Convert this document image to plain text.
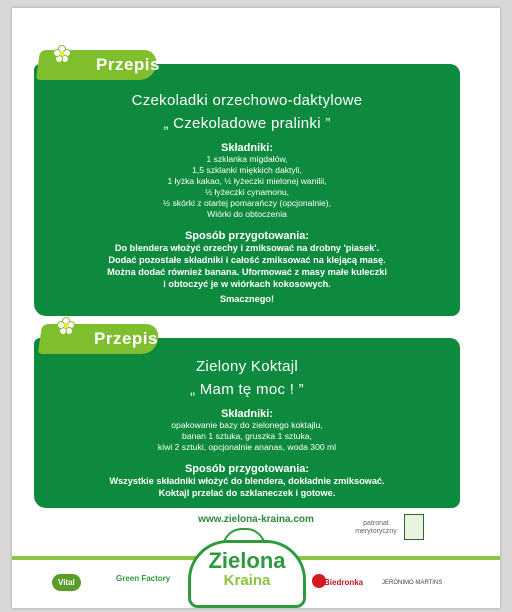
Czekoladki orzechowo-daktylowe
„ Czekoladowe pralinki ”
Składniki:
1 szklanka migdałów,
1,5 szklanki miękkich daktyli,
1 łyżka kakao, ½ łyżeczki mielonej wanilii,
½ łyżeczki cynamonu,
½ skórki z otartej pomarańczy (opcjonalnie),
Wiórki do obtoczenia
Sposób przygotowania:
Do blendera włożyć orzechy i zmiksować na drobny 'piasek'.
Dodać pozostałe składniki i całość zmiksować na klejącą masę.
Można dodać również banana. Uformować z masy małe kuleczki
i obtoczyć je w wiórkach kokosowych.
Smacznego!
Przepis
Zielony Koktajl
„ Mam tę moc ! ”
Składniki:
opakowanie bazy do zielonego koktajlu,
banan 1 sztuka, gruszka 1 sztuka,
kiwi 2 sztuki, opcjonalnie ananas, woda 300 ml
Sposób przygotowania:
Wszystkie składniki włożyć do blendera, dokładnie zmiksować.
Koktajl przelać do szklaneczek i gotowe.
Przepis
www.zielona-kraina.com	patronat
merytoryczny
Zielona
Kraina
Vital	Green Factory	Biedronka	JERÓNIMO MARTINS
